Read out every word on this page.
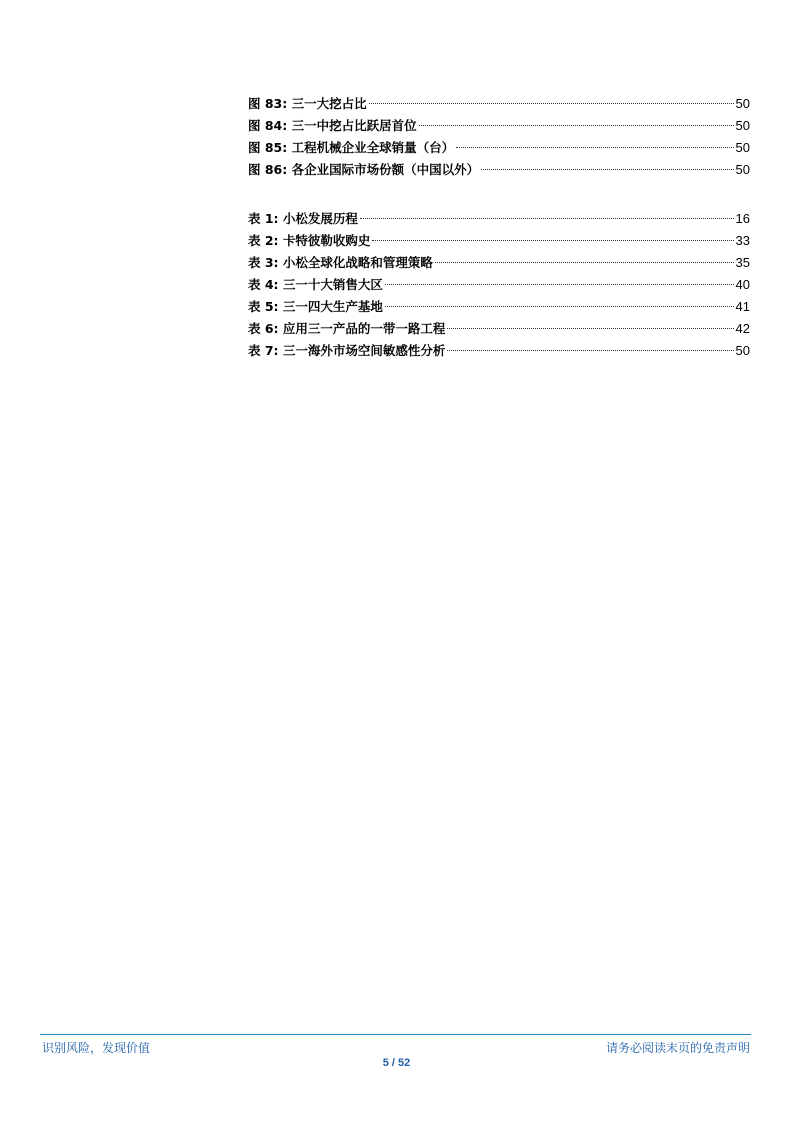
图 83: 三一大挖占比	50
图 84: 三一中挖占比跃居首位	50
图 85: 工程机械企业全球销量（台）	50
图 86: 各企业国际市场份额（中国以外）	50
表 1: 小松发展历程	16
表 2: 卡特彼勒收购史	33
表 3: 小松全球化战略和管理策略	35
表 4: 三一十大销售大区	40
表 5: 三一四大生产基地	41
表 6: 应用三一产品的一带一路工程	42
表 7: 三一海外市场空间敏感性分析	50
识别风险，发现价值	请务必阅读末页的免责声明
5 / 52
